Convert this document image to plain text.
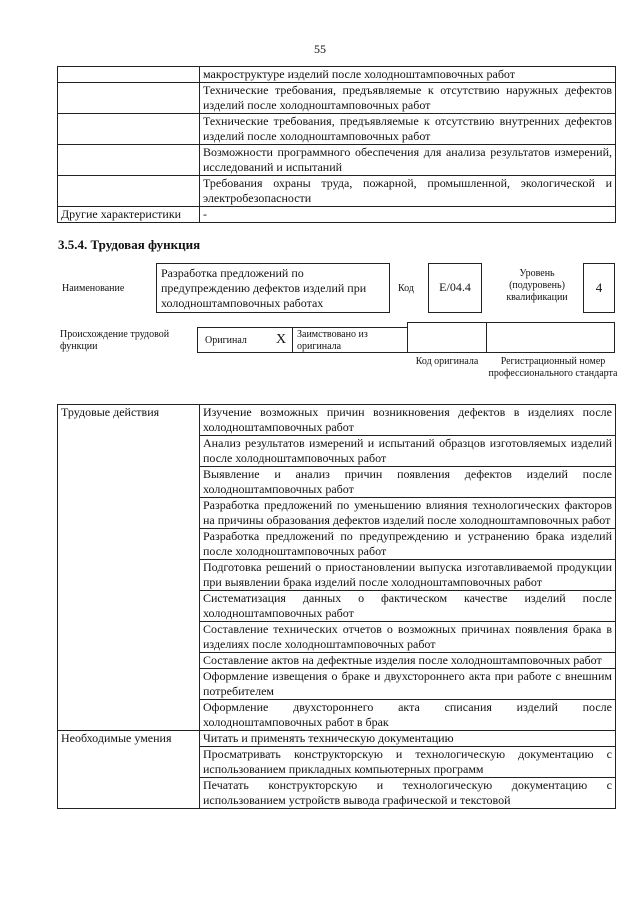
55
	макроструктуре изделий после холодноштамповочных работ
	Технические требования, предъявляемые к отсутствию наружных дефектов изделий после холодноштамповочных работ
	Технические требования, предъявляемые к отсутствию внутренних дефектов изделий после холодноштамповочных работ
	Возможности программного обеспечения для анализа результатов измерений, исследований и испытаний
	Требования охраны труда, пожарной, промышленной, экологической и электробезопасности
Другие характеристики	-
3.5.4. Трудовая функция
Наименование
Разработка предложений по предупреждению дефектов изделий при холодноштамповочных работах
Код	E/04.4
Уровень (подуровень) квалификации
4
Происхождение трудовой функции
Оригинал X Заимствовано из оригинала
Код оригинала	Регистрационный номер профессионального стандарта
Трудовые действия	Изучение возможных причин возникновения дефектов в изделиях после холодноштамповочных работ
	Анализ результатов измерений и испытаний образцов изготовляемых изделий после холодноштамповочных работ
	Выявление и анализ причин появления дефектов изделий после холодноштамповочных работ
	Разработка предложений по уменьшению влияния технологических факторов на причины образования дефектов изделий после холодноштамповочных работ
	Разработка предложений по предупреждению и устранению брака изделий после холодноштамповочных работ
	Подготовка решений о приостановлении выпуска изготавливаемой продукции при выявлении брака изделий после холодноштамповочных работ
	Систематизация данных о фактическом качестве изделий после холодноштамповочных работ
	Составление технических отчетов о возможных причинах появления брака в изделиях после холодноштамповочных работ
	Составление актов на дефектные изделия после холодноштамповочных работ
	Оформление извещения о браке и двухстороннего акта при работе с внешним потребителем
	Оформление двухстороннего акта списания изделий после холодноштамповочных работ в брак
Необходимые умения	Читать и применять техническую документацию
	Просматривать конструкторскую и технологическую документацию с использованием прикладных компьютерных программ
	Печатать конструкторскую и технологическую документацию с использованием устройств вывода графической и текстовой
